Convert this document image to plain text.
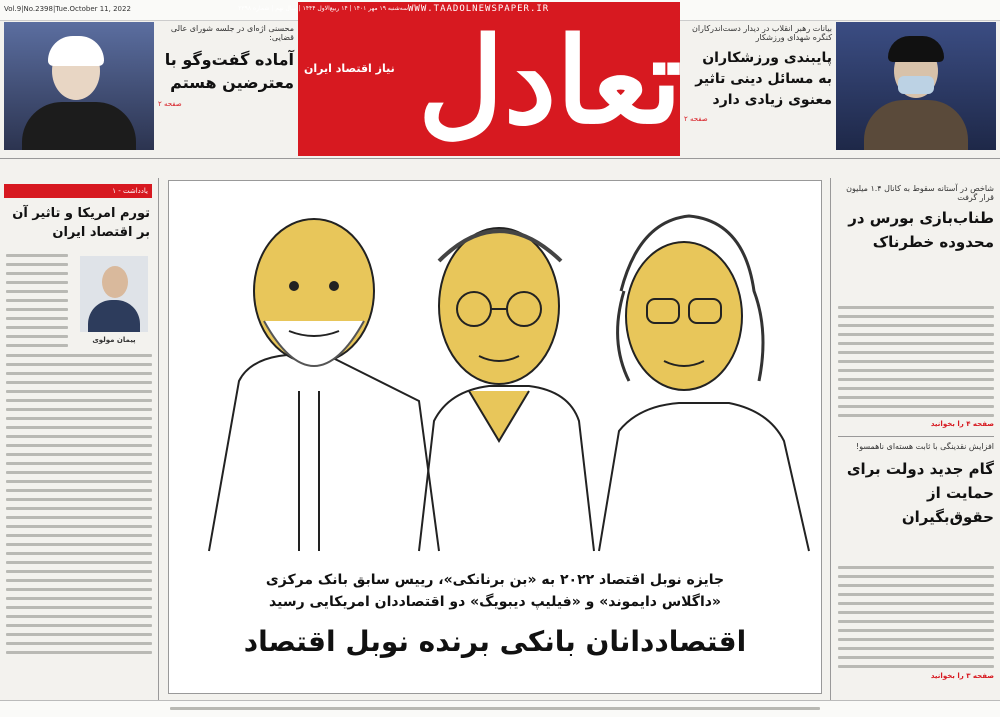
Vol.9|No.2398|Tue.October 11, 2022
محسنی اژه‌ای در جلسه شورای عالی قضایی:
آماده گفت‌وگو با معترضین هستم
صفحه ۲
سه‌شنبه ۱۹ مهر ۱۴۰۱ | ۱۴ ربیع‌الاول ۱۴۴۴ | سال نهم | شماره ۲۳۹۸ WWW.TAADOLNEWSPAPER.IR
نیاز اقتصاد ایران تعادل	بیانات رهبر انقلاب در دیدار دست‌اندرکاران کنگره شهدای ورزشکار
پایبندی ورزشکاران به مسائل دینی تاثیر معنوی زیادی دارد
صفحه ۲
یادداشت - ۱
تورم امریکا و تاثیر آن بر اقتصاد ایران
پیمان مولوی
جایزه نوبل اقتصاد ۲۰۲۲ به «بن برنانکی»، رییس سابق بانک مرکزی
«داگلاس دایموند» و «فیلیپ دیبویگ» دو اقتصاددان امریکایی رسید
اقتصاددانان بانکی برنده نوبل اقتصاد
شاخص در آستانه سقوط به کانال ۱.۴ میلیون قرار گرفت
طناب‌بازی بورس در محدوده خطرناک
صفحه ۴ را بخوانید
افزایش نقدینگی با ثابت هسته‌ای ناهمسو!
گام جدید دولت برای حمایت از حقوق‌بگیران
صفحه ۳ را بخوانید
